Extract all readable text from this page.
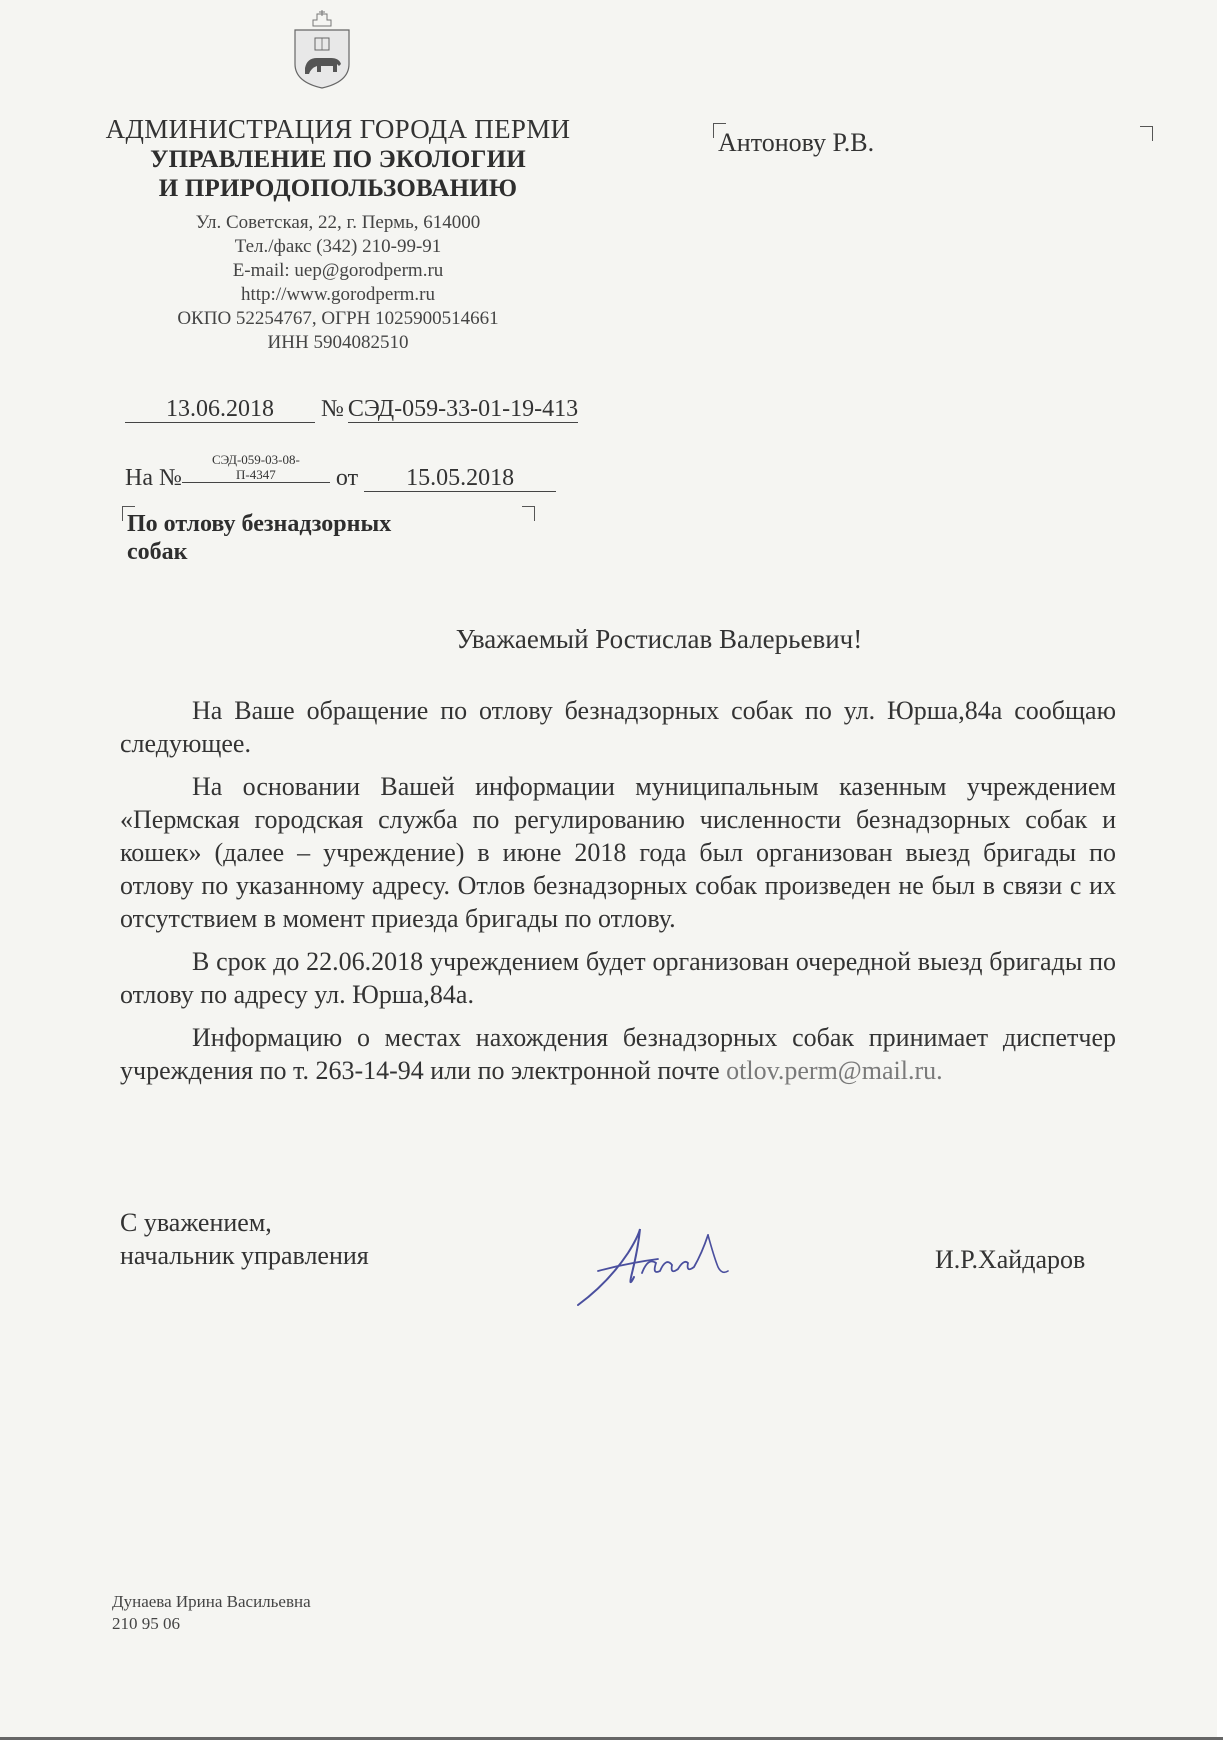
АДМИНИСТРАЦИЯ ГОРОДА ПЕРМИ
УПРАВЛЕНИЕ ПО ЭКОЛОГИИ
И ПРИРОДОПОЛЬЗОВАНИЮ
Ул. Советская, 22, г. Пермь, 614000
Тел./факс (342) 210-99-91
E-mail: uep@gorodperm.ru
http://www.gorodperm.ru
ОКПО 52254767, ОГРН 1025900514661
ИНН 5904082510
Антонову Р.В.
13.06.2018 № СЭД-059-33-01-19-413
На №
СЭД-059-03-08-
П-4347	от 15.05.2018
По отлову безнадзорных собак
Уважаемый Ростислав Валерьевич!

На Ваше обращение по отлову безнадзорных собак по ул. Юрша,84а сообщаю следующее.

На основании Вашей информации муниципальным казенным учреждением «Пермская городская служба по регулированию численности безнадзорных собак и кошек» (далее – учреждение) в июне 2018 года был организован выезд бригады по отлову по указанному адресу. Отлов безнадзорных собак произведен не был в связи с их отсутствием в момент приезда бригады по отлову.

В срок до 22.06.2018 учреждением будет организован очередной выезд бригады по отлову по адресу ул. Юрша,84а.

Информацию о местах нахождения безнадзорных собак принимает диспетчер учреждения по т. 263-14-94 или по электронной почте otlov.perm@mail.ru.

С уважением,
начальник управления	И.Р.Хайдаров
Дунаева Ирина Васильевна
210 95 06
